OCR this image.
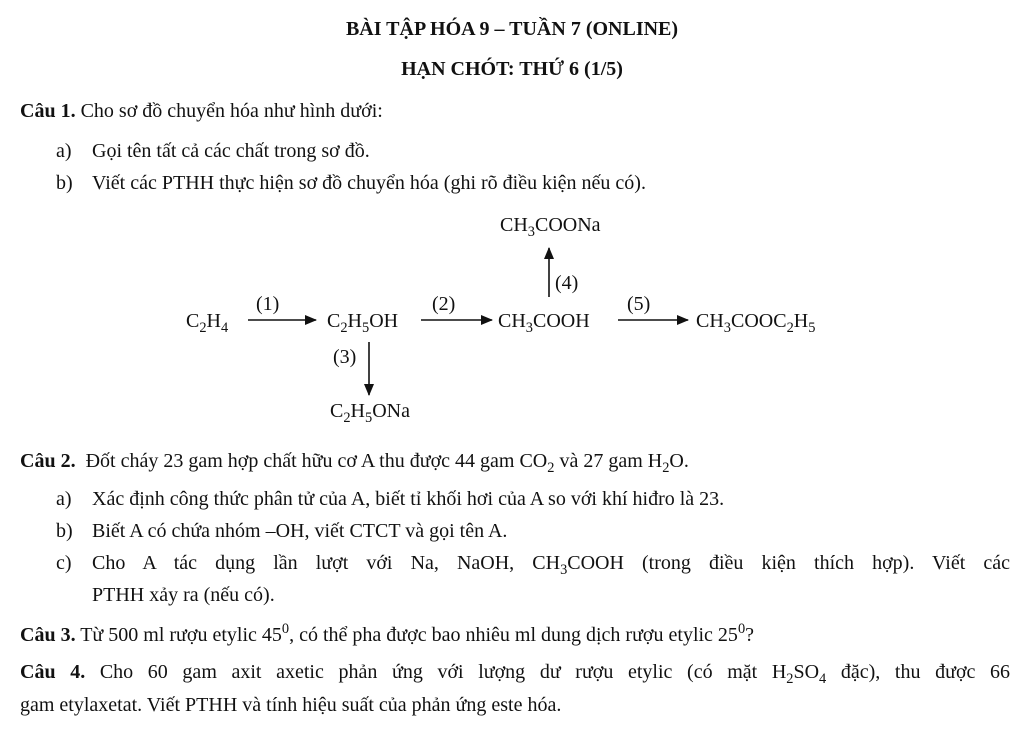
BÀI TẬP HÓA 9 – TUẦN 7 (ONLINE)
HẠN CHÓT: THỨ 6 (1/5)
Câu 1. Cho sơ đồ chuyển hóa như hình dưới:
a) Gọi tên tất cả các chất trong sơ đồ.
b) Viết các PTHH thực hiện sơ đồ chuyển hóa (ghi rõ điều kiện nếu có).
$CH_3COONa$
(1)	(2)
(4)
(5)
(3)
$C_2H_4$	$C_2H_5OH$	$CH_3COOH$	$CH_3COOC_2H_5$
$C_2H_5ONa$
Câu 2. Đốt cháy 23 gam hợp chất hữu cơ A thu được 44 gam $CO_2$ và 27 gam $H_2O$.
a) Xác định công thức phân tử của A, biết tỉ khối hơi của A so với khí hiđro là 23.
b) Biết A có chứa nhóm –OH, viết CTCT và gọi tên A.
c)	Cho A tác dụng lần lượt với Na, NaOH, $CH_3COOH$ (trong điều kiện thích hợp). Viết các
PTHH xảy ra (nếu có).
Câu 3. Từ 500 ml rượu etylic $45^0$, có thể pha được bao nhiêu ml dung dịch rượu etylic $25^0$?
Câu 4. Cho 60 gam axit axetic phản ứng với lượng dư rượu etylic (có mặt $H_2SO_4$ đặc), thu được 66
gam etylaxetat. Viết PTHH và tính hiệu suất của phản ứng este hóa.
